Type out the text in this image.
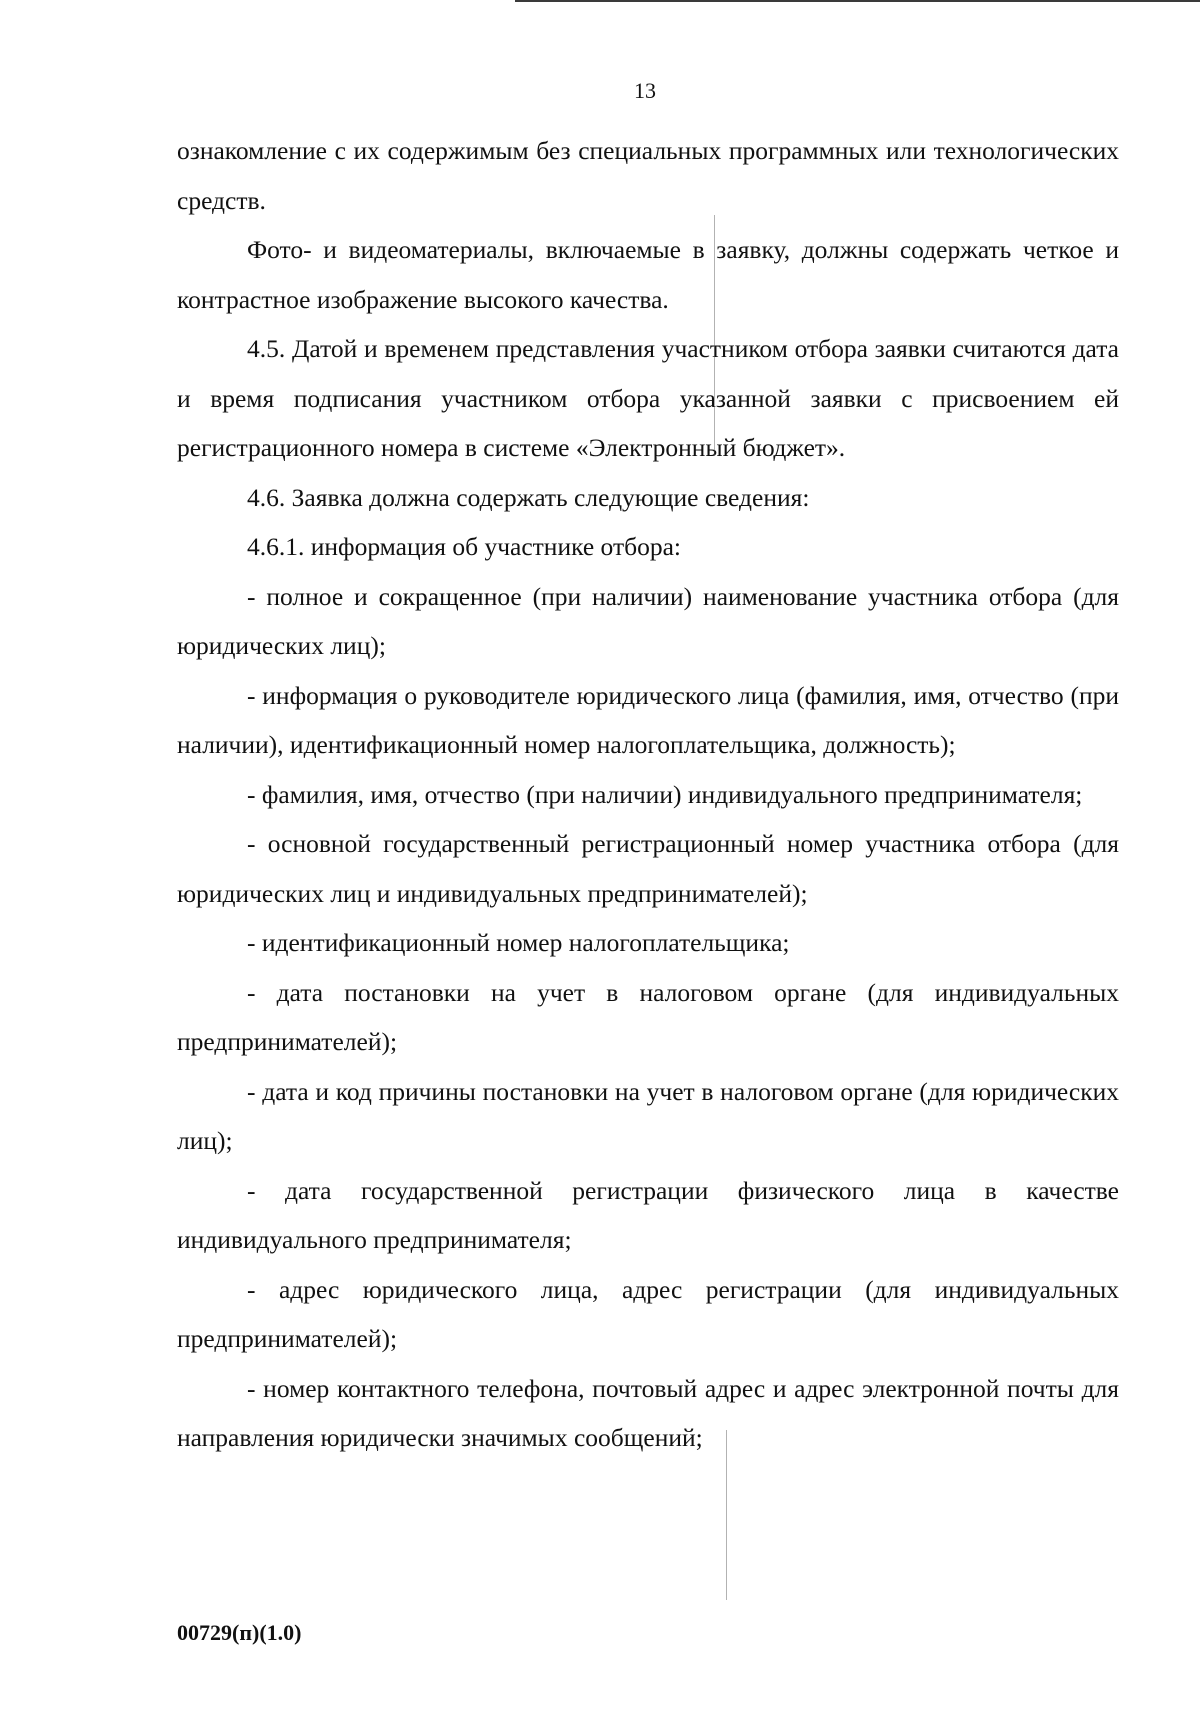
13

ознакомление с их содержимым без специальных программных или технологических средств.

Фото- и видеоматериалы, включаемые в заявку, должны содержать четкое и контрастное изображение высокого качества.

4.5. Датой и временем представления участником отбора заявки считаются дата и время подписания участником отбора указанной заявки с присвоением ей регистрационного номера в системе «Электронный бюджет».

4.6. Заявка должна содержать следующие сведения:

4.6.1. информация об участнике отбора:

- полное и сокращенное (при наличии) наименование участника отбора (для юридических лиц);

- информация о руководителе юридического лица (фамилия, имя, отчество (при наличии), идентификационный номер налогоплательщика, должность);

- фамилия, имя, отчество (при наличии) индивидуального предпринимателя;

- основной государственный регистрационный номер участника отбора (для юридических лиц и индивидуальных предпринимателей);

- идентификационный номер налогоплательщика;

- дата постановки на учет в налоговом органе (для индивидуальных предпринимателей);

- дата и код причины постановки на учет в налоговом органе (для юридических лиц);

- дата государственной регистрации физического лица в качестве индивидуального предпринимателя;

- адрес юридического лица, адрес регистрации (для индивидуальных предпринимателей);

- номер контактного телефона, почтовый адрес и адрес электронной почты для направления юридически значимых сообщений;

00729(п)(1.0)
